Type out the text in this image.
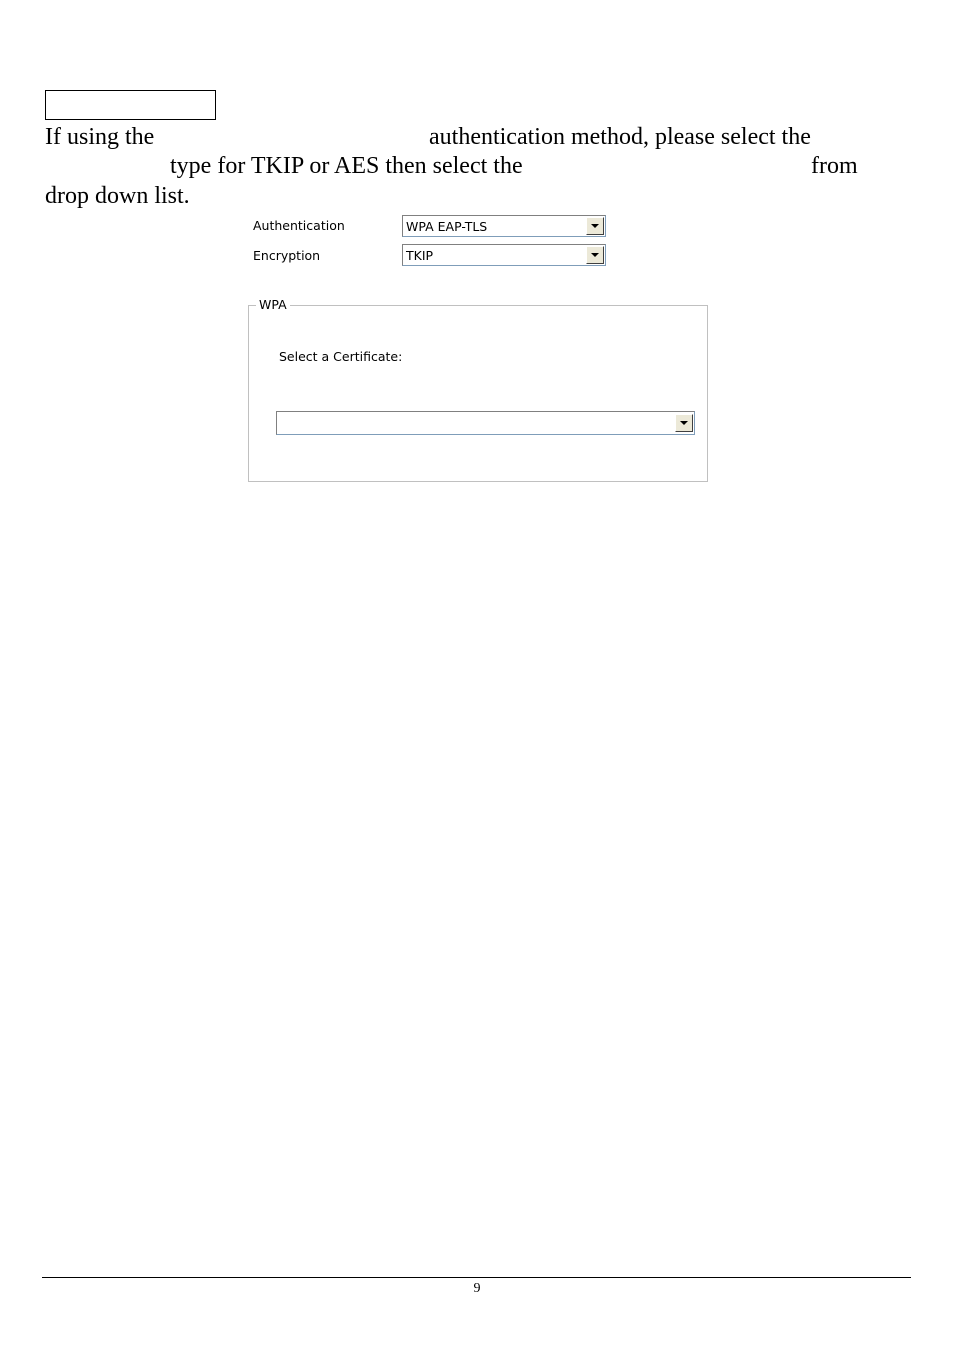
If using the	authentication method, please select the
type for TKIP or AES then select the	from
drop down list.
Authentication	WPA EAP-TLS
Encryption	TKIP
WPA
Select a Certificate:
9
